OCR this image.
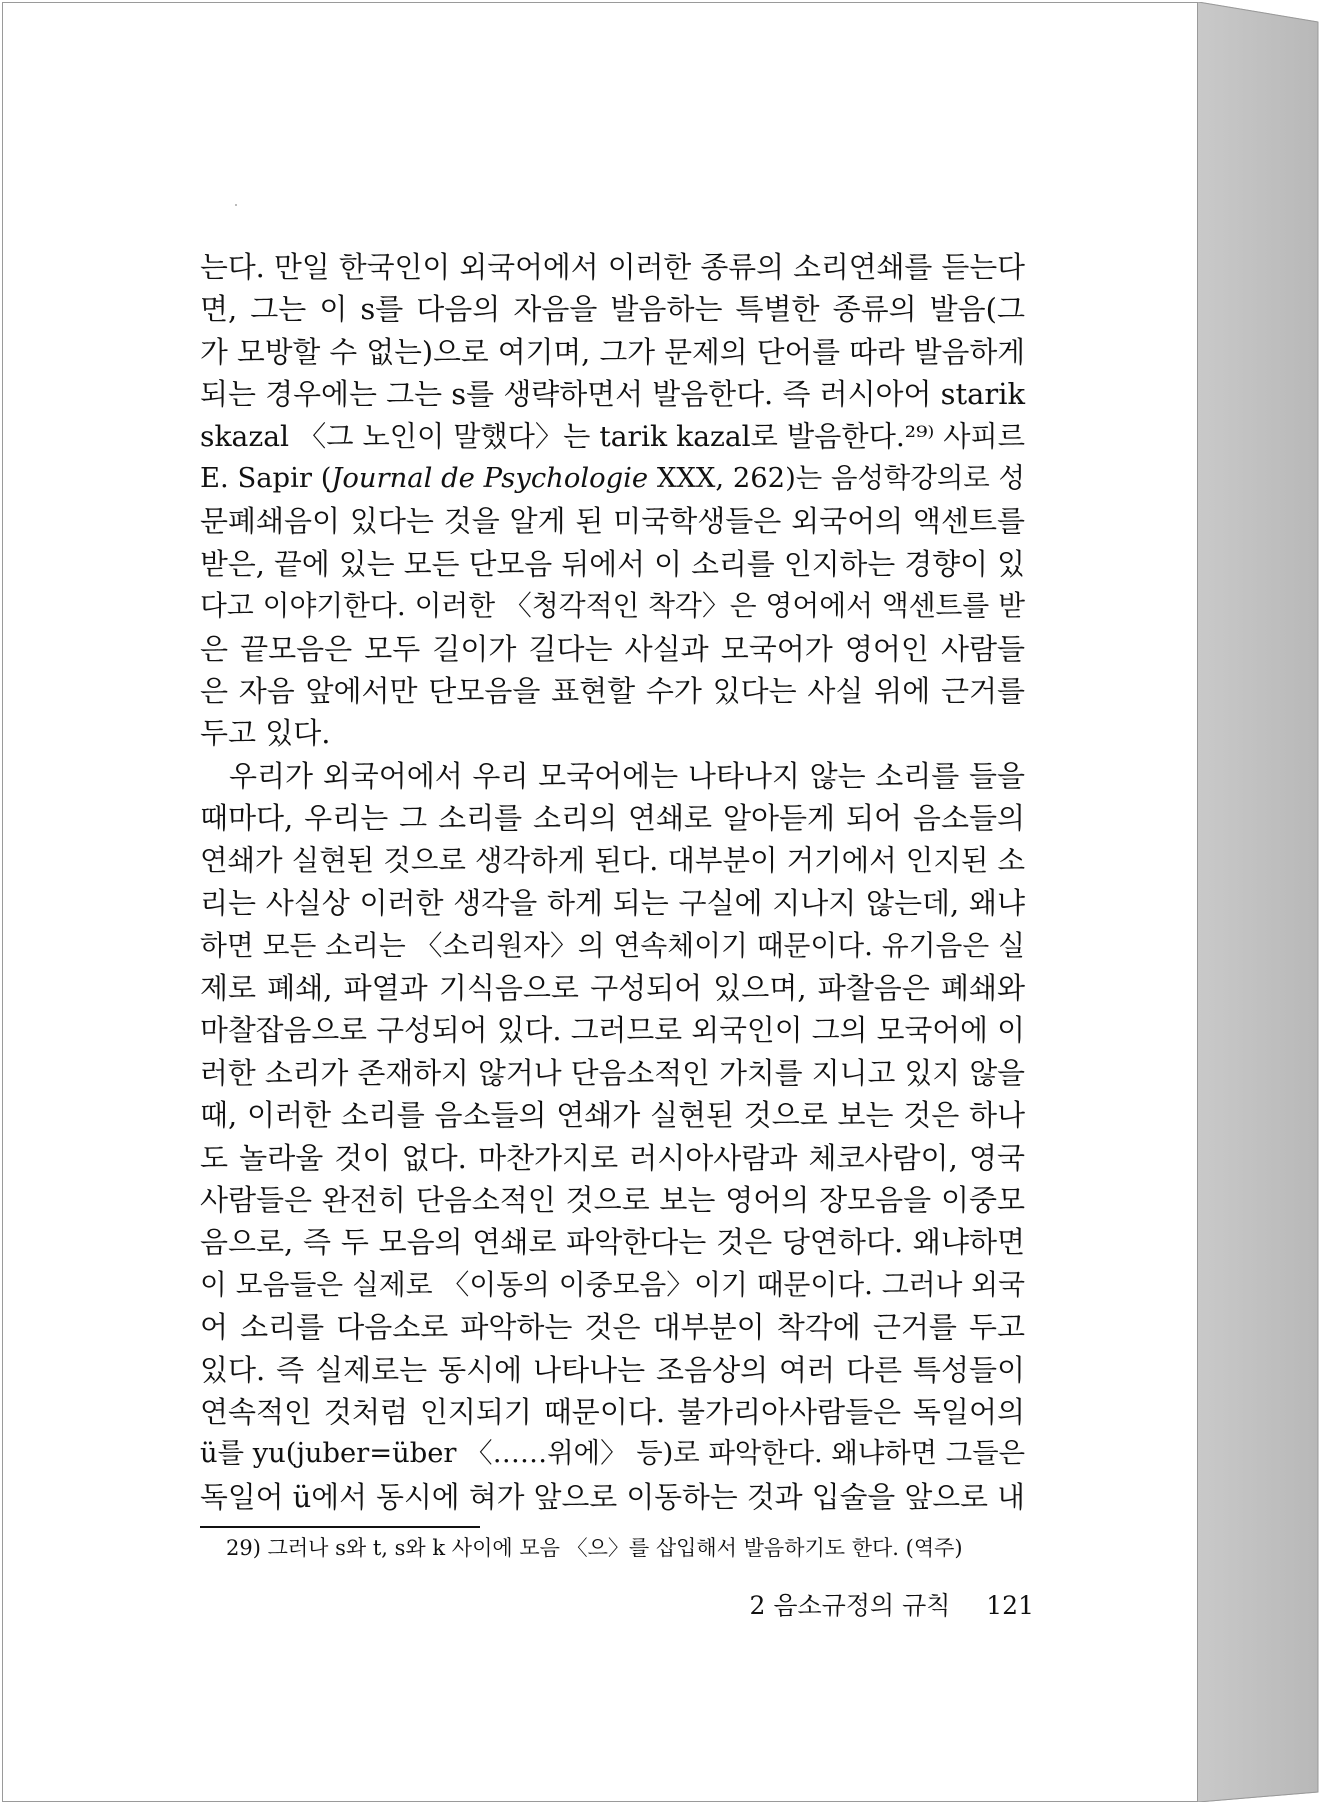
는다. 만일 한국인이 외국어에서 이러한 종류의 소리연쇄를 듣는다
면, 그는 이 s를 다음의 자음을 발음하는 특별한 종류의 발음(그
가 모방할 수 없는)으로 여기며, 그가 문제의 단어를 따라 발음하게
되는 경우에는 그는 s를 생략하면서 발음한다. 즉 러시아어 starik
skazal 〈그 노인이 말했다〉는 tarik kazal로 발음한다.²⁹⁾ 사피르
E. Sapir (Journal de Psychologie XXX, 262)는 음성학강의로 성
문폐쇄음이 있다는 것을 알게 된 미국학생들은 외국어의 액센트를
받은, 끝에 있는 모든 단모음 뒤에서 이 소리를 인지하는 경향이 있
다고 이야기한다. 이러한 〈청각적인 착각〉은 영어에서 액센트를 받
은 끝모음은 모두 길이가 길다는 사실과 모국어가 영어인 사람들
은 자음 앞에서만 단모음을 표현할 수가 있다는 사실 위에 근거를
두고 있다.
우리가 외국어에서 우리 모국어에는 나타나지 않는 소리를 들을
때마다, 우리는 그 소리를 소리의 연쇄로 알아듣게 되어 음소들의
연쇄가 실현된 것으로 생각하게 된다. 대부분이 거기에서 인지된 소
리는 사실상 이러한 생각을 하게 되는 구실에 지나지 않는데, 왜냐
하면 모든 소리는 〈소리원자〉의 연속체이기 때문이다. 유기음은 실
제로 폐쇄, 파열과 기식음으로 구성되어 있으며, 파찰음은 폐쇄와
마찰잡음으로 구성되어 있다. 그러므로 외국인이 그의 모국어에 이
러한 소리가 존재하지 않거나 단음소적인 가치를 지니고 있지 않을
때, 이러한 소리를 음소들의 연쇄가 실현된 것으로 보는 것은 하나
도 놀라울 것이 없다. 마찬가지로 러시아사람과 체코사람이, 영국
사람들은 완전히 단음소적인 것으로 보는 영어의 장모음을 이중모
음으로, 즉 두 모음의 연쇄로 파악한다는 것은 당연하다. 왜냐하면
이 모음들은 실제로 〈이동의 이중모음〉이기 때문이다. 그러나 외국
어 소리를 다음소로 파악하는 것은 대부분이 착각에 근거를 두고
있다. 즉 실제로는 동시에 나타나는 조음상의 여러 다른 특성들이
연속적인 것처럼 인지되기 때문이다. 불가리아사람들은 독일어의
ü를 yu(juber=über 〈……위에〉 등)로 파악한다. 왜냐하면 그들은
독일어 ü에서 동시에 혀가 앞으로 이동하는 것과 입술을 앞으로 내
29) 그러나 s와 t, s와 k 사이에 모음 〈으〉를 삽입해서 발음하기도 한다. (역주)
2 음소규정의 규칙 121
